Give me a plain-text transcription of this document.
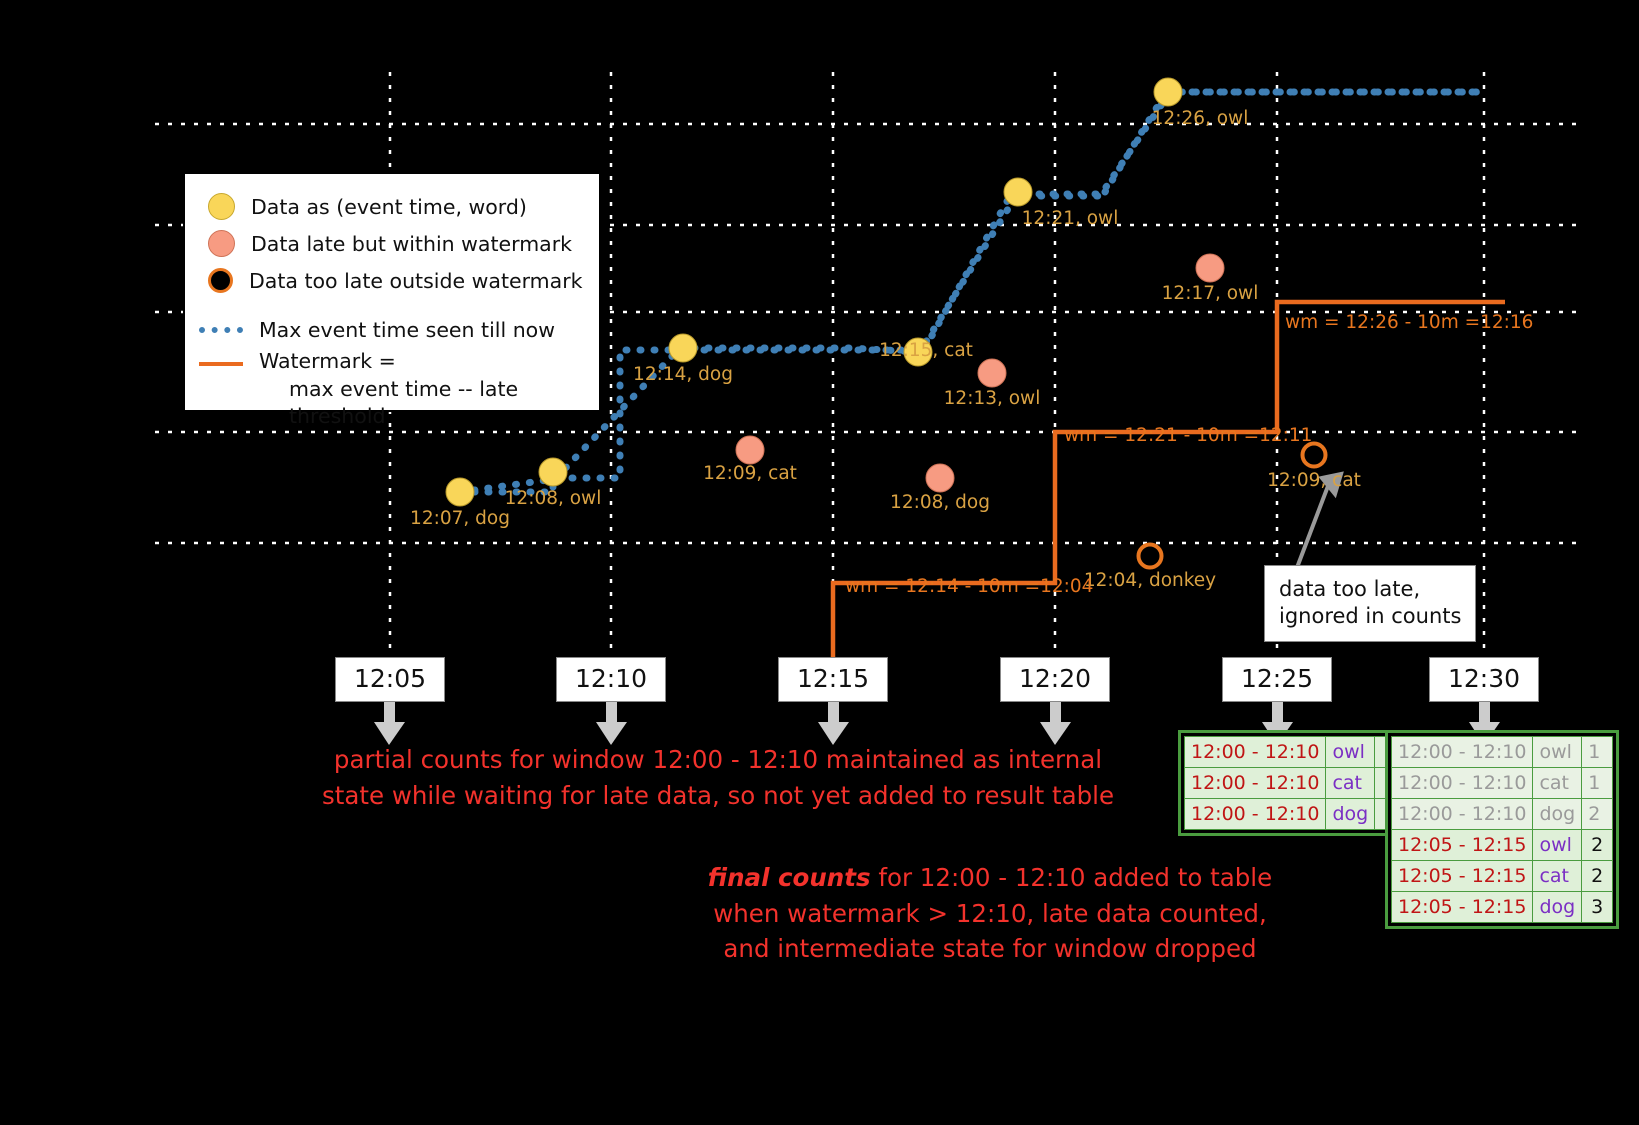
Data as (event time, word)
Data late but within watermark
Data too late outside watermark
Max event time seen till now
Watermark =
max event time -- late threshold
12:07, dog
12:08, owl
12:14, dog
12:15, cat
12:21, owl
12:26, owl
12:09, cat
12:08, dog
12:13, owl
12:17, owl
12:04, donkey
12:09, cat
wm = 12:14 - 10m =12:04
wm = 12:21 - 10m =12:11
wm = 12:26 - 10m =12:16
12:05	12:10	12:15	12:20	12:25	12:30
data too late,
ignored in counts
partial counts for window 12:00 - 12:10 maintained as internal
state while waiting for late data, so not yet added to result table
final counts for 12:00 - 12:10 added to table
when watermark > 12:10, late data counted,
and intermediate state for window dropped
12:00 - 12:10	owl	
12:00 - 12:10	cat	
12:00 - 12:10	dog	
12:00 - 12:10	owl	1
12:00 - 12:10	cat	1
12:00 - 12:10	dog	2
12:05 - 12:15	owl	2
12:05 - 12:15	cat	2
12:05 - 12:15	dog	3
